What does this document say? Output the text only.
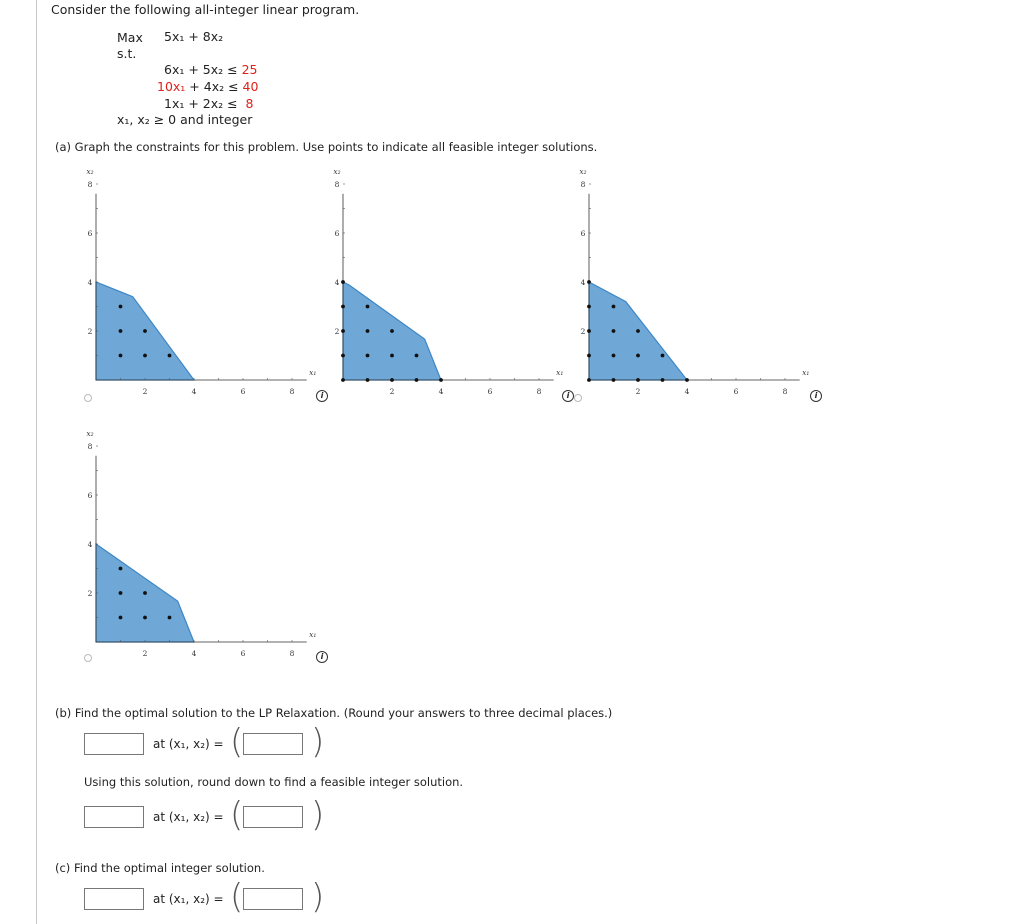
Consider the following all-integer linear program.
Max 5x₁ + 8x₂
s.t.
6x₁ + 5x₂ ≤ 25
10x₁ + 4x₂ ≤ 40
1x₁ + 2x₂ ≤ 8
x₁, x₂ ≥ 0 and integer
(a) Graph the constraints for this problem. Use points to indicate all feasible integer solutions.
2	4	6	8
2
4
6
8
x₁
x₂
i	2	4	6	8
2
4
6
8
x₁
x₂
i	2	4	6	8
2
4
6
8
x₁
x₂
i
2	4	6	8
2
4
6
8
x₁
x₂
i
(b) Find the optimal solution to the LP Relaxation. (Round your answers to three decimal places.)
at (x₁, x₂) = ( )
Using this solution, round down to find a feasible integer solution.
at (x₁, x₂) = ( )
(c) Find the optimal integer solution.
at (x₁, x₂) = ( )
